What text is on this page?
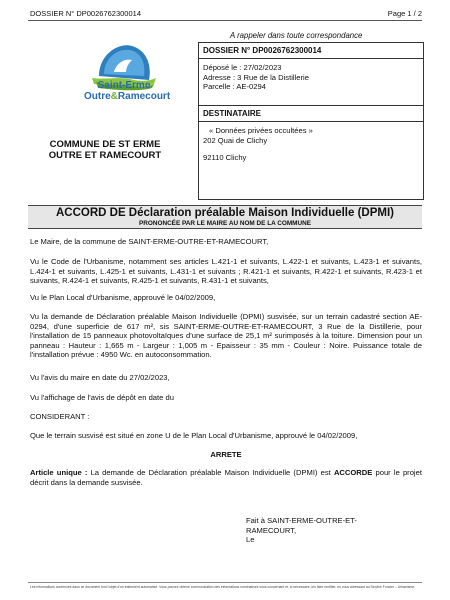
DOSSIER N° DP0026762300014	Page 1 / 2
A rappeler dans toute correspondance
Saint-Erme
Outre&Ramecourt
COMMUNE DE ST ERME OUTRE ET RAMECOURT
DOSSIER N° DP0026762300014
Déposé le : 27/02/2023
Adresse : 3 Rue de la Distillerie
Parcelle : AE-0294
DESTINATAIRE
« Données privées occultées »
202 Quai de Clichy
92110 Clichy
ACCORD DE Déclaration préalable Maison Individuelle (DPMI)
PRONONCÉE PAR LE MAIRE AU NOM DE LA COMMUNE
Le Maire, de la commune de SAINT-ERME-OUTRE-ET-RAMECOURT,
Vu le Code de l'Urbanisme, notamment ses articles L.421-1 et suivants, L.422-1 et suivants, L.423-1 et suivants, L.424-1 et suivants, L.425-1 et suivants, L.431-1 et suivants ; R.421-1 et suivants, R.422-1 et suivants, R.423-1 et suivants, R.424-1 et suivants, R.425-1 et suivants, R.431-1 et suivants,
Vu le Plan Local d'Urbanisme, approuvé le 04/02/2009,
Vu la demande de Déclaration préalable Maison Individuelle (DPMI) susvisée, sur un terrain cadastré section AE-0294, d'une superficie de 617 m², sis SAINT-ERME-OUTRE-ET-RAMECOURT, 3 Rue de la Distillerie, pour l'installation de 15 panneaux photovoltaïques d'une surface de 25,1 m² surimposés à la toiture. Dimension pour un panneau : Hauteur : 1,665 m - Largeur : 1,005 m - Epaisseur : 35 mm - Couleur : Noire. Puissance totale de l'installation prévue : 4950 Wc. en autoconsommation.
Vu l'avis du maire en date du 27/02/2023,
Vu l'affichage de l'avis de dépôt en date du
CONSIDERANT :
Que le terrain susvisé est situé en zone U de le Plan Local d'Urbanisme, approuvé le 04/02/2009,
ARRETE
Article unique : La demande de Déclaration préalable Maison Individuelle (DPMI) est ACCORDE pour le projet décrit dans la demande susvisée.
Fait à SAINT-ERME-OUTRE-ET-
RAMECOURT,
Le
Les informations contenues dans ce document font l'objet d'un traitement automatisé. Vous pouvez obtenir communication des informations nominatives vous concernant et, si nécessaire, les faire rectifier, en vous adressant au Service Foncier – Urbanisme.
